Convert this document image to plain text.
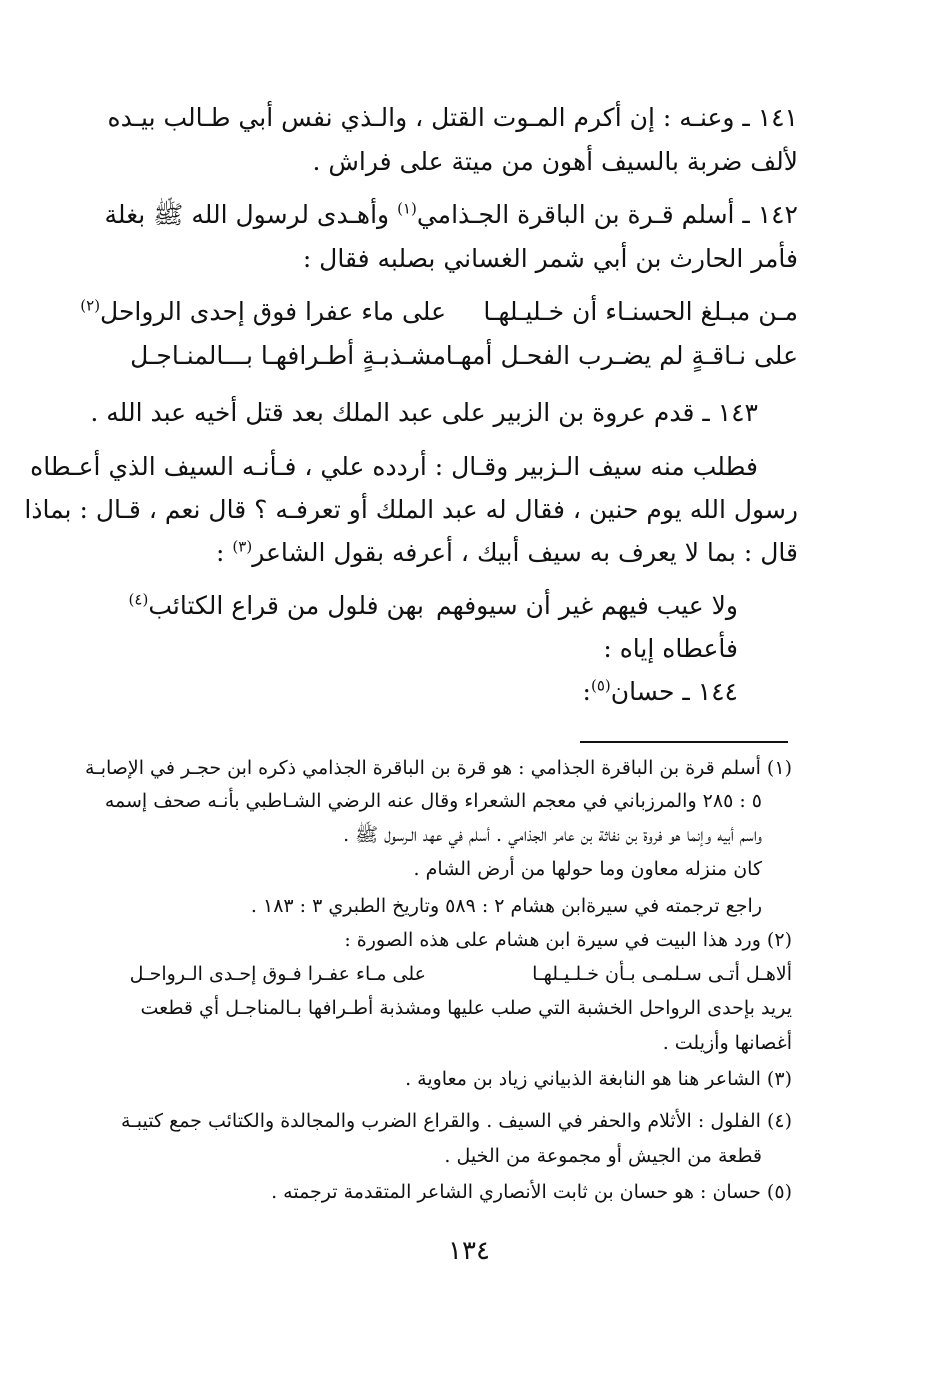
١٤١ ـ وعنـه : إن أكرم المـوت القتل ، والـذي نفس أبي طـالب بيـده
لألف ضربة بالسيف أهون من ميتة على فراش .
١٤٢ ـ أسلم قـرة بن الباقرة الجـذامي$^{(١)}$ وأهـدى لرسول الله ﷺ بغلة
فأمر الحارث بن أبي شمر الغساني بصلبه فقال :
مـن مبـلغ الحسنـاء أن خـليـلهـا
على ماء عفرا فوق إحدى الرواحل$^{(٢)}$
على نـاقـةٍ لم يضـرب الفحـل أمهـا
مشـذبـةٍ أطـرافهـا بـــالمنـاجـل
١٤٣ ـ قدم عروة بن الزبير على عبد الملك بعد قتل أخيه عبد الله .
فطلب منه سيف الـزبير وقـال : أردده علي ، فـأنـه السيف الذي أعـطاه
رسول الله يوم حنين ، فقال له عبد الملك أو تعرفـه ؟ قال نعم ، قـال : بماذا
قال : بما لا يعرف به سيف أبيك ، أعرفه بقول الشاعر$^{(٣)}$ :
ولا عيب فيهم غير أن سيوفهم
بهن فلول من قراع الكتائب$^{(٤)}$
فأعطاه إياه :
١٤٤ ـ حسان$^{(٥)}$:
(١) أسلم قرة بن الباقرة الجذامي : هو قرة بن الباقرة الجذامي ذكره ابن حجـر في الإصابـة
٥ : ٢٨٥ والمرزباني في معجم الشعراء وقال عنه الرضي الشـاطبي بأنـه صحف إسمه
واسم أبيه وإنما هو فروة بن نفاثة بن عامر الجذامي . أسلم في عهد الـرسول ﷺ .
كان منزله معاون وما حولها من أرض الشام .
راجع ترجمته في سيرةابن هشام ٢ : ٥٨٩ وتاريخ الطبري ٣ : ١٨٣ .
(٢) ورد هذا البيت في سيرة ابن هشام على هذه الصورة :
ألاهـل أتـى سـلمـى بـأن خـلـيـلهـا
على مـاء عفـرا فـوق إحـدى الـرواحـل
يريد بإحدى الرواحل الخشبة التي صلب عليها ومشذبة أطـرافها بـالمناجـل أي قطعت
أغصانها وأزيلت .
(٣) الشاعر هنا هو النابغة الذبياني زياد بن معاوية .
(٤) الفلول : الأثلام والحفر في السيف . والقراع الضرب والمجالدة والكتائب جمع كتيبـة
قطعة من الجيش أو مجموعة من الخيل .
(٥) حسان : هو حسان بن ثابت الأنصاري الشاعر المتقدمة ترجمته .
١٣٤
